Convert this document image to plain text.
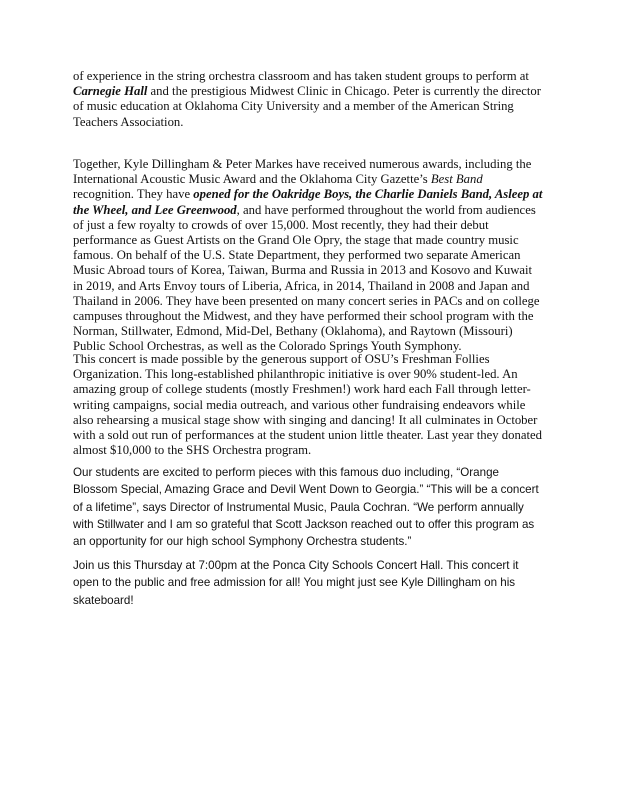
of experience in the string orchestra classroom and has taken student groups to perform at Carnegie Hall and the prestigious Midwest Clinic in Chicago. Peter is currently the director of music education at Oklahoma City University and a member of the American String Teachers Association.

Together, Kyle Dillingham & Peter Markes have received numerous awards, including the International Acoustic Music Award and the Oklahoma City Gazette’s Best Band recognition. They have opened for the Oakridge Boys, the Charlie Daniels Band, Asleep at the Wheel, and Lee Greenwood, and have performed throughout the world from audiences of just a few royalty to crowds of over 15,000. Most recently, they had their debut performance as Guest Artists on the Grand Ole Opry, the stage that made country music famous. On behalf of the U.S. State Department, they performed two separate American Music Abroad tours of Korea, Taiwan, Burma and Russia in 2013 and Kosovo and Kuwait in 2019, and Arts Envoy tours of Liberia, Africa, in 2014, Thailand in 2008 and Japan and Thailand in 2006. They have been presented on many concert series in PACs and on college campuses throughout the Midwest, and they have performed their school program with the Norman, Stillwater, Edmond, Mid-Del, Bethany (Oklahoma), and Raytown (Missouri) Public School Orchestras, as well as the Colorado Springs Youth Symphony.

This concert is made possible by the generous support of OSU’s Freshman Follies Organization. This long-established philanthropic initiative is over 90% student-led. An amazing group of college students (mostly Freshmen!) work hard each Fall through letter-writing campaigns, social media outreach, and various other fundraising endeavors while also rehearsing a musical stage show with singing and dancing! It all culminates in October with a sold out run of performances at the student union little theater. Last year they donated almost $10,000 to the SHS Orchestra program.

Our students are excited to perform pieces with this famous duo including, “Orange Blossom Special, Amazing Grace and Devil Went Down to Georgia.” “This will be a concert of a lifetime”, says Director of Instrumental Music, Paula Cochran. “We perform annually with Stillwater and I am so grateful that Scott Jackson reached out to offer this program as an opportunity for our high school Symphony Orchestra students.”

Join us this Thursday at 7:00pm at the Ponca City Schools Concert Hall. This concert it open to the public and free admission for all! You might just see Kyle Dillingham on his skateboard!
